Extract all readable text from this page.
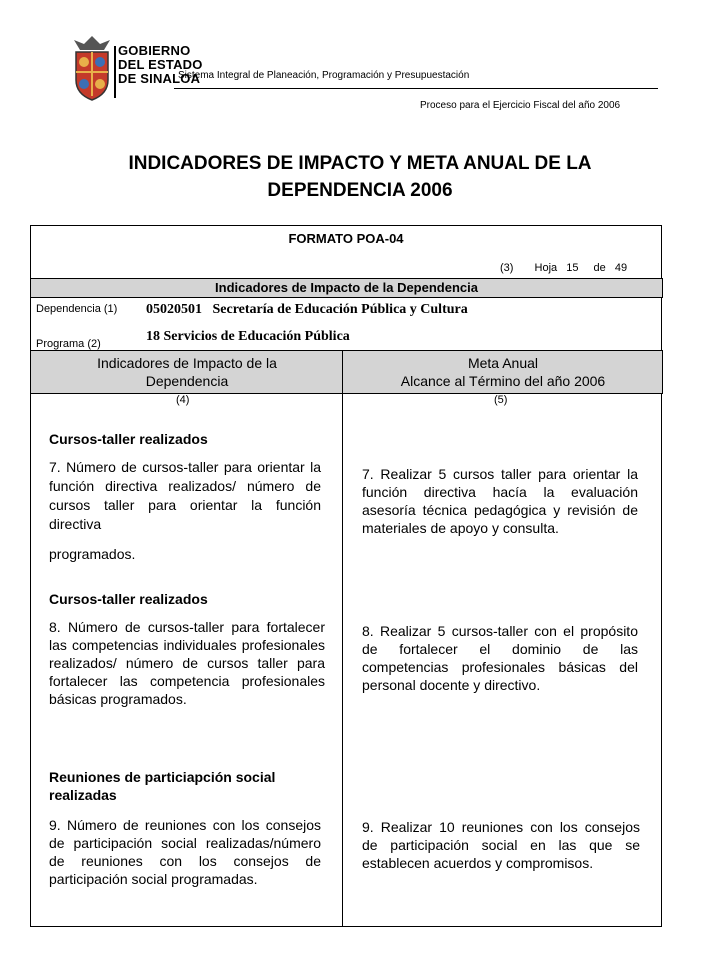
GOBIERNO
DEL ESTADO
DE SINALOA
Sistema Integral de Planeación, Programación y Presupuestación
Proceso para el Ejercicio Fiscal del año 2006
INDICADORES DE IMPACTO Y META ANUAL DE LA
DEPENDENCIA 2006
FORMATO POA-04
(3) Hoja 15 de 49
Indicadores de Impacto de la Dependencia
Dependencia (1) 05020501   Secretaría de Educación Pública y Cultura
18 Servicios de Educación Pública
Programa (2)
Indicadores de Impacto de la
Dependencia
Meta Anual
Alcance al Término del año 2006
(4)	(5)
Cursos-taller realizados
7. Número de cursos-taller para orientar la función directiva realizados/ número de cursos taller para orientar la función directiva
programados.
7. Realizar 5 cursos taller para orientar la función directiva hacía la evaluación asesoría técnica pedagógica y revisión de materiales de apoyo y consulta.
Cursos-taller realizados
8. Número de cursos-taller para fortalecer las competencias individuales profesionales realizados/ número de cursos taller para fortalecer las competencia profesionales básicas programados.
8. Realizar 5 cursos-taller con el propósito de fortalecer el dominio de las competencias profesionales básicas del personal docente y directivo.
Reuniones de particiapción social realizadas
9. Número de reuniones con los consejos de participación social realizadas/número de reuniones con los consejos de participación social programadas.
9. Realizar 10 reuniones con los consejos de participación social en las que se establecen acuerdos y compromisos.
